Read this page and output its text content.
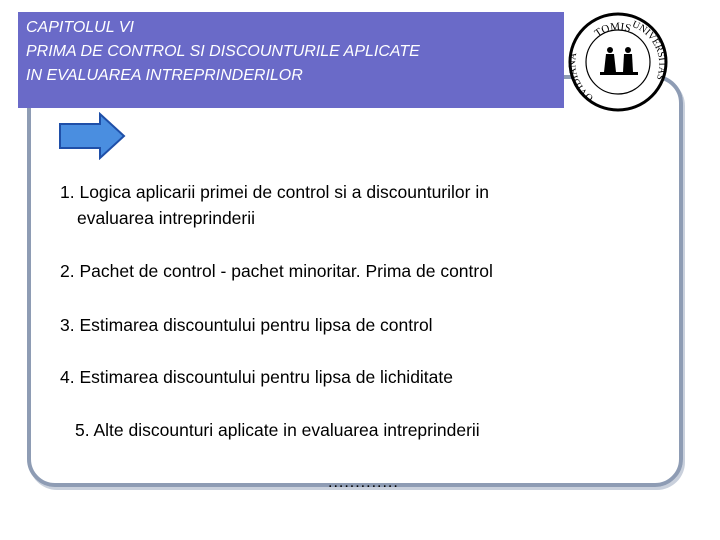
CAPITOLUL VI
PRIMA DE CONTROL SI DISCOUNTURILE APLICATE
IN EVALUAREA INTREPRINDERILOR
TOMIS
UNIVERSITAS
OVIDIANA
1. Logica aplicarii primei de control si a discounturilor in
evaluarea intreprinderii
2. Pachet de control - pachet minoritar. Prima de control
3. Estimarea discountului pentru lipsa de control
4. Estimarea discountului pentru lipsa de lichiditate
5. Alte discounturi aplicate in evaluarea intreprinderii
.............
